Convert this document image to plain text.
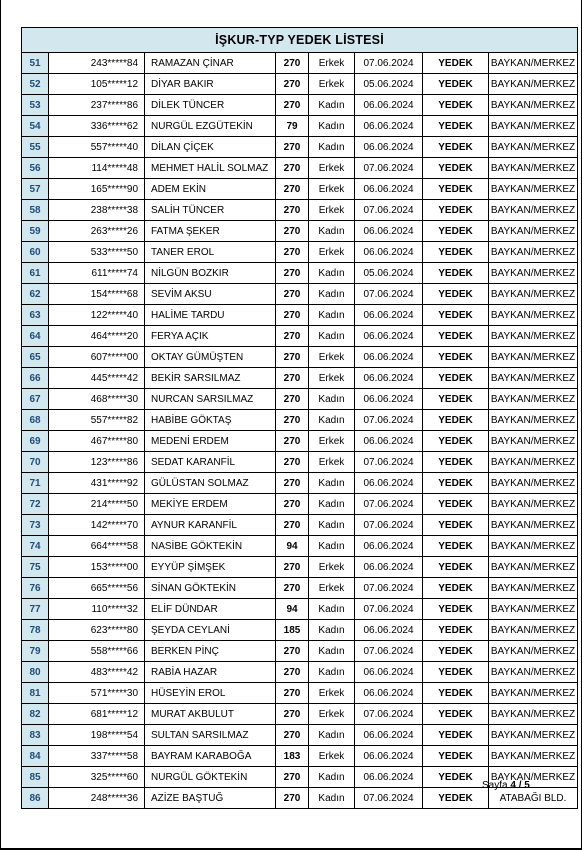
İŞKUR-TYP YEDEK LİSTESİ							
51	243*****84	RAMAZAN ÇİNAR	270	Erkek	07.06.2024	YEDEK	BAYKAN/MERKEZ
52	105*****12	DİYAR BAKIR	270	Erkek	05.06.2024	YEDEK	BAYKAN/MERKEZ
53	237*****86	DİLEK TÜNCER	270	Kadın	06.06.2024	YEDEK	BAYKAN/MERKEZ
54	336*****62	NURGÜL EZGÜTEKİN	79	Kadın	06.06.2024	YEDEK	BAYKAN/MERKEZ
55	557*****40	DİLAN ÇİÇEK	270	Kadın	06.06.2024	YEDEK	BAYKAN/MERKEZ
56	114*****48	MEHMET HALİL SOLMAZ	270	Erkek	07.06.2024	YEDEK	BAYKAN/MERKEZ
57	165*****90	ADEM EKİN	270	Erkek	06.06.2024	YEDEK	BAYKAN/MERKEZ
58	238*****38	SALİH TÜNCER	270	Erkek	07.06.2024	YEDEK	BAYKAN/MERKEZ
59	263*****26	FATMA ŞEKER	270	Kadın	06.06.2024	YEDEK	BAYKAN/MERKEZ
60	533*****50	TANER EROL	270	Erkek	06.06.2024	YEDEK	BAYKAN/MERKEZ
61	611*****74	NİLGÜN BOZKIR	270	Kadın	05.06.2024	YEDEK	BAYKAN/MERKEZ
62	154*****68	SEVİM AKSU	270	Kadın	07.06.2024	YEDEK	BAYKAN/MERKEZ
63	122*****40	HALİME TARDU	270	Kadın	06.06.2024	YEDEK	BAYKAN/MERKEZ
64	464*****20	FERYA AÇIK	270	Kadın	06.06.2024	YEDEK	BAYKAN/MERKEZ
65	607*****00	OKTAY GÜMÜŞTEN	270	Erkek	06.06.2024	YEDEK	BAYKAN/MERKEZ
66	445*****42	BEKİR SARSILMAZ	270	Erkek	06.06.2024	YEDEK	BAYKAN/MERKEZ
67	468*****30	NURCAN SARSILMAZ	270	Kadın	06.06.2024	YEDEK	BAYKAN/MERKEZ
68	557*****82	HABİBE GÖKTAŞ	270	Kadın	07.06.2024	YEDEK	BAYKAN/MERKEZ
69	467*****80	MEDENİ ERDEM	270	Erkek	06.06.2024	YEDEK	BAYKAN/MERKEZ
70	123*****86	SEDAT KARANFİL	270	Erkek	07.06.2024	YEDEK	BAYKAN/MERKEZ
71	431*****92	GÜLÜSTAN SOLMAZ	270	Kadın	06.06.2024	YEDEK	BAYKAN/MERKEZ
72	214*****50	MEKİYE ERDEM	270	Kadın	07.06.2024	YEDEK	BAYKAN/MERKEZ
73	142*****70	AYNUR KARANFİL	270	Kadın	07.06.2024	YEDEK	BAYKAN/MERKEZ
74	664*****58	NASİBE GÖKTEKİN	94	Kadın	06.06.2024	YEDEK	BAYKAN/MERKEZ
75	153*****00	EYYÜP ŞİMŞEK	270	Erkek	06.06.2024	YEDEK	BAYKAN/MERKEZ
76	665*****56	SİNAN GÖKTEKİN	270	Erkek	07.06.2024	YEDEK	BAYKAN/MERKEZ
77	110*****32	ELİF DÜNDAR	94	Kadın	07.06.2024	YEDEK	BAYKAN/MERKEZ
78	623*****80	ŞEYDA CEYLANİ	185	Kadın	06.06.2024	YEDEK	BAYKAN/MERKEZ
79	558*****66	BERKEN PİNÇ	270	Kadın	07.06.2024	YEDEK	BAYKAN/MERKEZ
80	483*****42	RABİA HAZAR	270	Kadın	06.06.2024	YEDEK	BAYKAN/MERKEZ
81	571*****30	HÜSEYİN EROL	270	Erkek	06.06.2024	YEDEK	BAYKAN/MERKEZ
82	681*****12	MURAT AKBULUT	270	Erkek	07.06.2024	YEDEK	BAYKAN/MERKEZ
83	198*****54	SULTAN SARSILMAZ	270	Kadın	06.06.2024	YEDEK	BAYKAN/MERKEZ
84	337*****58	BAYRAM KARABOĞA	183	Erkek	06.06.2024	YEDEK	BAYKAN/MERKEZ
85	325*****60	NURGÜL GÖKTEKİN	270	Kadın	06.06.2024	YEDEK	BAYKAN/MERKEZ
86	248*****36	AZİZE BAŞTUĞ	270	Kadın	07.06.2024	YEDEK	ATABAĞI BLD.
Sayfa 4 / 5
